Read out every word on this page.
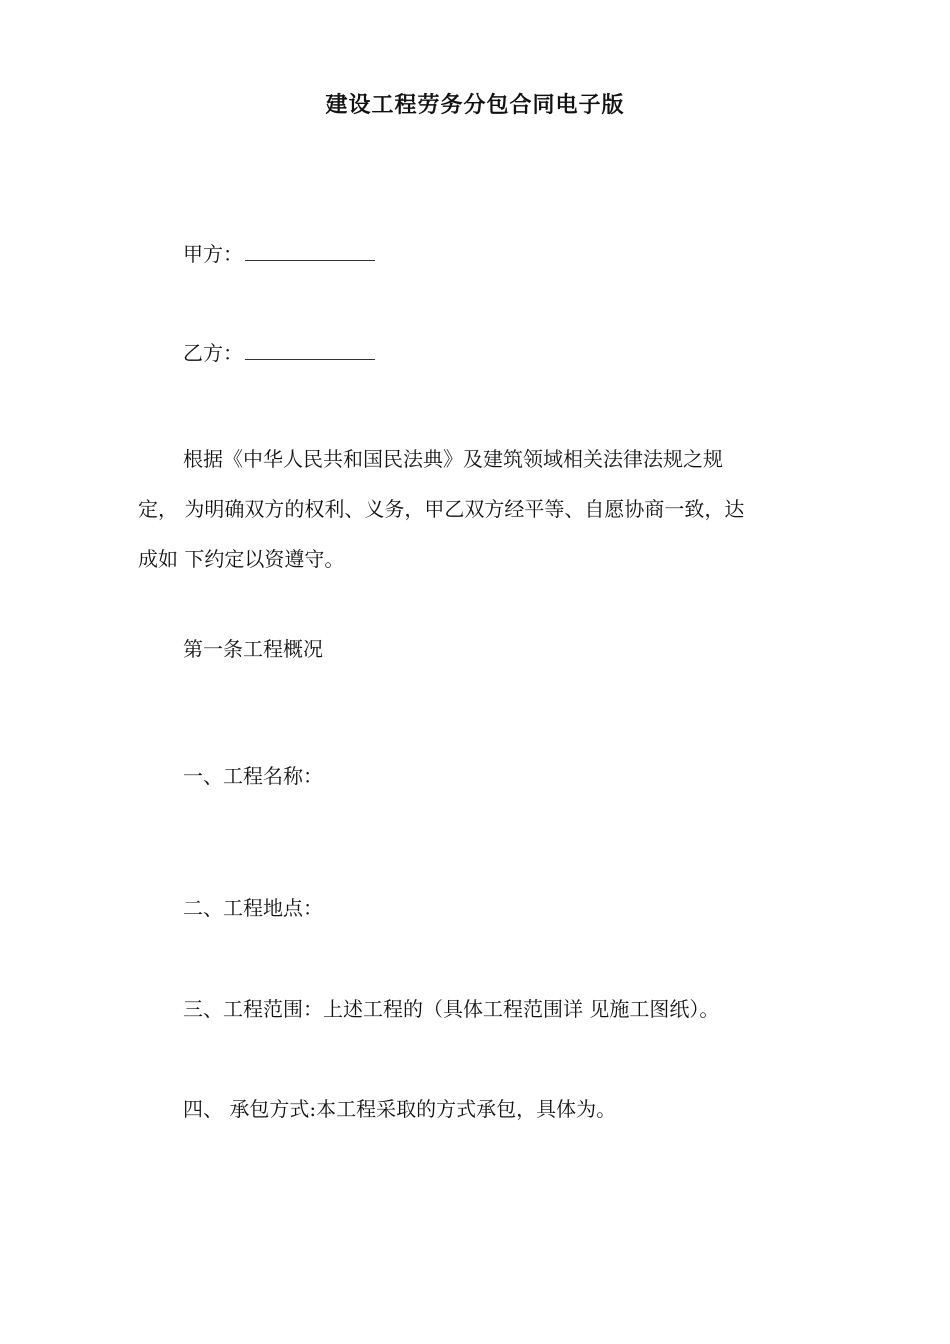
建设工程劳务分包合同电子版

甲方：

乙方：

根据《中华人民共和国民法典》及建筑领域相关法律法规之规
定， 为明确双方的权利、义务，甲乙双方经平等、自愿协商一致，达
成如 下约定以资遵守。

第一条工程概况

一、工程名称：

二、工程地点：

三、工程范围：上述工程的（具体工程范围详 见施工图纸）。

四、 承包方式:本工程采取的方式承包，具体为。
